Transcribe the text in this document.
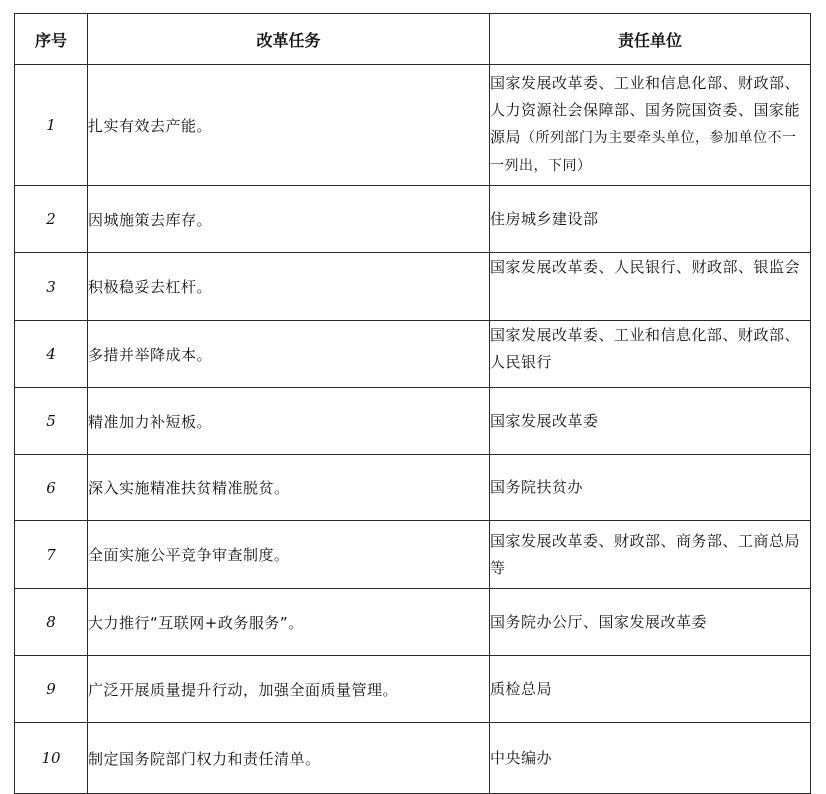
序号	改革任务	责任单位
1	扎实有效去产能。	国家发展改革委、工业和信息化部、财政部、人力资源社会保障部、国务院国资委、国家能源局（所列部门为主要牵头单位，参加单位不一一列出，下同）
2	因城施策去库存。	住房城乡建设部
3	积极稳妥去杠杆。	国家发展改革委、人民银行、财政部、银监会
4	多措并举降成本。	国家发展改革委、工业和信息化部、财政部、人民银行
5	精准加力补短板。	国家发展改革委
6	深入实施精准扶贫精准脱贫。	国务院扶贫办
7	全面实施公平竞争审查制度。	国家发展改革委、财政部、商务部、工商总局等
8	大力推行“互联网+政务服务”。	国务院办公厅、国家发展改革委
9	广泛开展质量提升行动，加强全面质量管理。	质检总局
10	制定国务院部门权力和责任清单。	中央编办
